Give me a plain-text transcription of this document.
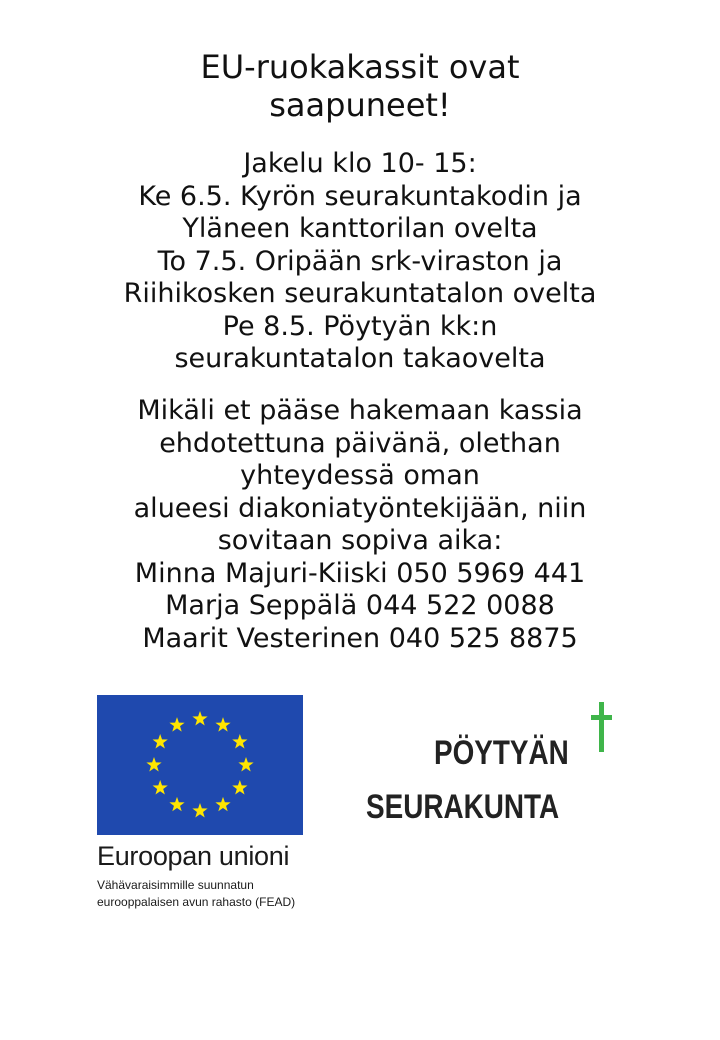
EU-ruokakassit ovat
saapuneet!
Jakelu klo 10- 15:
Ke 6.5. Kyrön seurakuntakodin ja
Yläneen kanttorilan ovelta
To 7.5. Oripään srk-viraston ja
Riihikosken seurakuntatalon ovelta
Pe 8.5. Pöytyän kk:n
seurakuntatalon takaovelta
Mikäli et pääse hakemaan kassia
ehdotettuna päivänä, olethan
yhteydessä oman
alueesi diakoniatyöntekijään, niin
sovitaan sopiva aika:
Minna Majuri-Kiiski 050 5969 441
Marja Seppälä 044 522 0088
Maarit Vesterinen 040 525 8875
Euroopan unioni
Vähävaraisimmille suunnatun
eurooppalaisen avun rahasto (FEAD)
PÖYTYÄN
SEURAKUNTA
